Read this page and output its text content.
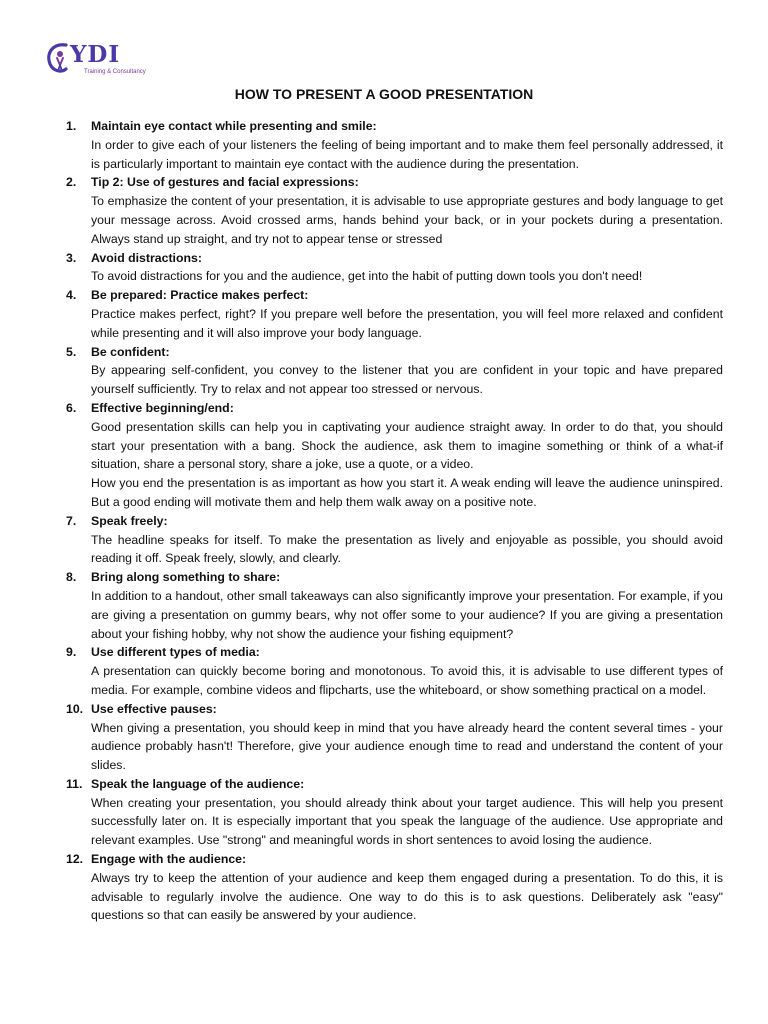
YDI
Training & Consultancy
HOW TO PRESENT A GOOD PRESENTATION
1. Maintain eye contact while presenting and smile:

In order to give each of your listeners the feeling of being important and to make them feel personally addressed, it is particularly important to maintain eye contact with the audience during the presentation.

2. Tip 2: Use of gestures and facial expressions:

To emphasize the content of your presentation, it is advisable to use appropriate gestures and body language to get your message across. Avoid crossed arms, hands behind your back, or in your pockets during a presentation. Always stand up straight, and try not to appear tense or stressed

3. Avoid distractions:

To avoid distractions for you and the audience, get into the habit of putting down tools you don't need!

4. Be prepared: Practice makes perfect:

Practice makes perfect, right? If you prepare well before the presentation, you will feel more relaxed and confident while presenting and it will also improve your body language.

5. Be confident:

By appearing self-confident, you convey to the listener that you are confident in your topic and have prepared yourself sufficiently. Try to relax and not appear too stressed or nervous.

6. Effective beginning/end:

Good presentation skills can help you in captivating your audience straight away. In order to do that, you should start your presentation with a bang. Shock the audience, ask them to imagine something or think of a what-if situation, share a personal story, share a joke, use a quote, or a video.

How you end the presentation is as important as how you start it. A weak ending will leave the audience uninspired. But a good ending will motivate them and help them walk away on a positive note.

7. Speak freely:

The headline speaks for itself. To make the presentation as lively and enjoyable as possible, you should avoid reading it off. Speak freely, slowly, and clearly.

8. Bring along something to share:

In addition to a handout, other small takeaways can also significantly improve your presentation. For example, if you are giving a presentation on gummy bears, why not offer some to your audience? If you are giving a presentation about your fishing hobby, why not show the audience your fishing equipment?

9. Use different types of media:

A presentation can quickly become boring and monotonous. To avoid this, it is advisable to use different types of media. For example, combine videos and flipcharts, use the whiteboard, or show something practical on a model.

10. Use effective pauses:

When giving a presentation, you should keep in mind that you have already heard the content several times - your audience probably hasn't! Therefore, give your audience enough time to read and understand the content of your slides.

11. Speak the language of the audience:

When creating your presentation, you should already think about your target audience. This will help you present successfully later on. It is especially important that you speak the language of the audience. Use appropriate and relevant examples. Use "strong" and meaningful words in short sentences to avoid losing the audience.

12. Engage with the audience:

Always try to keep the attention of your audience and keep them engaged during a presentation. To do this, it is advisable to regularly involve the audience. One way to do this is to ask questions. Deliberately ask "easy" questions so that can easily be answered by your audience.
